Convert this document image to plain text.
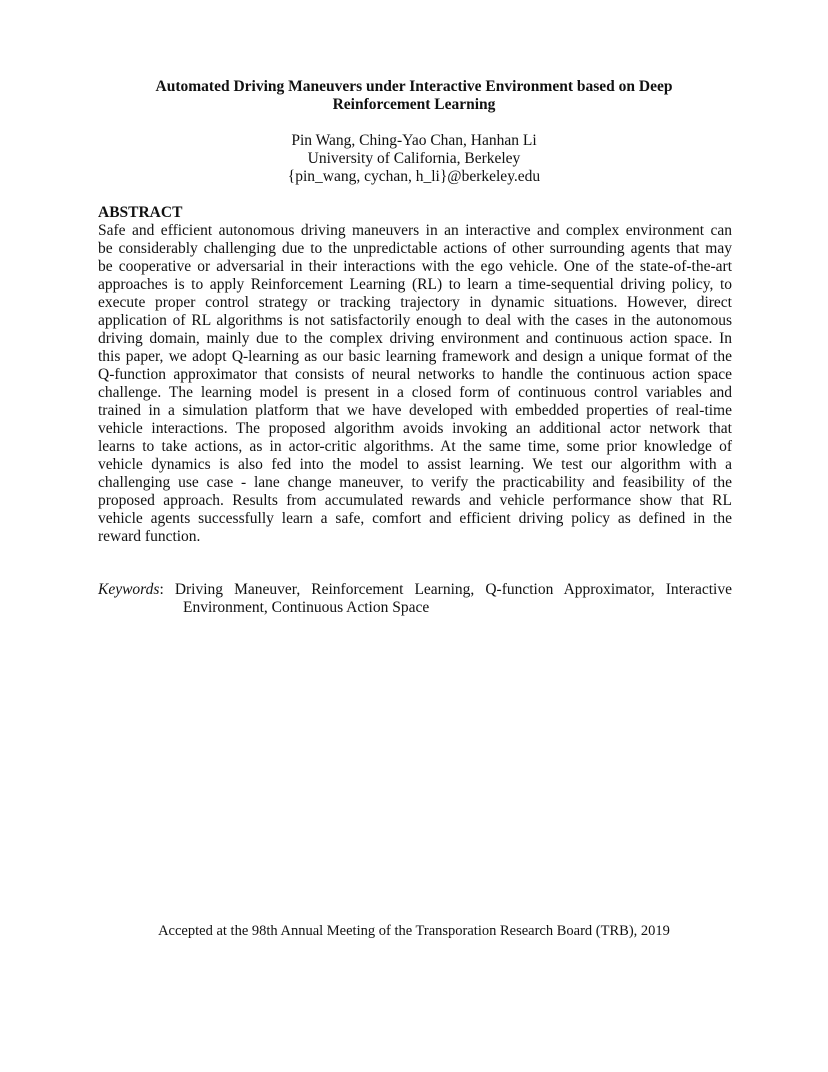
Automated Driving Maneuvers under Interactive Environment based on Deep
Reinforcement Learning
Pin Wang, Ching-Yao Chan, Hanhan Li
University of California, Berkeley
{pin_wang, cychan, h_li}@berkeley.edu
ABSTRACT
Safe and efficient autonomous driving maneuvers in an interactive and complex environment can
be considerably challenging due to the unpredictable actions of other surrounding agents that may
be cooperative or adversarial in their interactions with the ego vehicle. One of the state-of-the-art
approaches is to apply Reinforcement Learning (RL) to learn a time-sequential driving policy, to
execute proper control strategy or tracking trajectory in dynamic situations. However, direct
application of RL algorithms is not satisfactorily enough to deal with the cases in the autonomous
driving domain, mainly due to the complex driving environment and continuous action space. In
this paper, we adopt Q-learning as our basic learning framework and design a unique format of the
Q-function approximator that consists of neural networks to handle the continuous action space
challenge. The learning model is present in a closed form of continuous control variables and
trained in a simulation platform that we have developed with embedded properties of real-time
vehicle interactions. The proposed algorithm avoids invoking an additional actor network that
learns to take actions, as in actor-critic algorithms. At the same time, some prior knowledge of
vehicle dynamics is also fed into the model to assist learning. We test our algorithm with a
challenging use case - lane change maneuver, to verify the practicability and feasibility of the
proposed approach. Results from accumulated rewards and vehicle performance show that RL
vehicle agents successfully learn a safe, comfort and efficient driving policy as defined in the
reward function.
Keywords: Driving Maneuver, Reinforcement Learning, Q-function Approximator, Interactive
Environment, Continuous Action Space
Accepted at the 98th Annual Meeting of the Transporation Research Board (TRB), 2019
